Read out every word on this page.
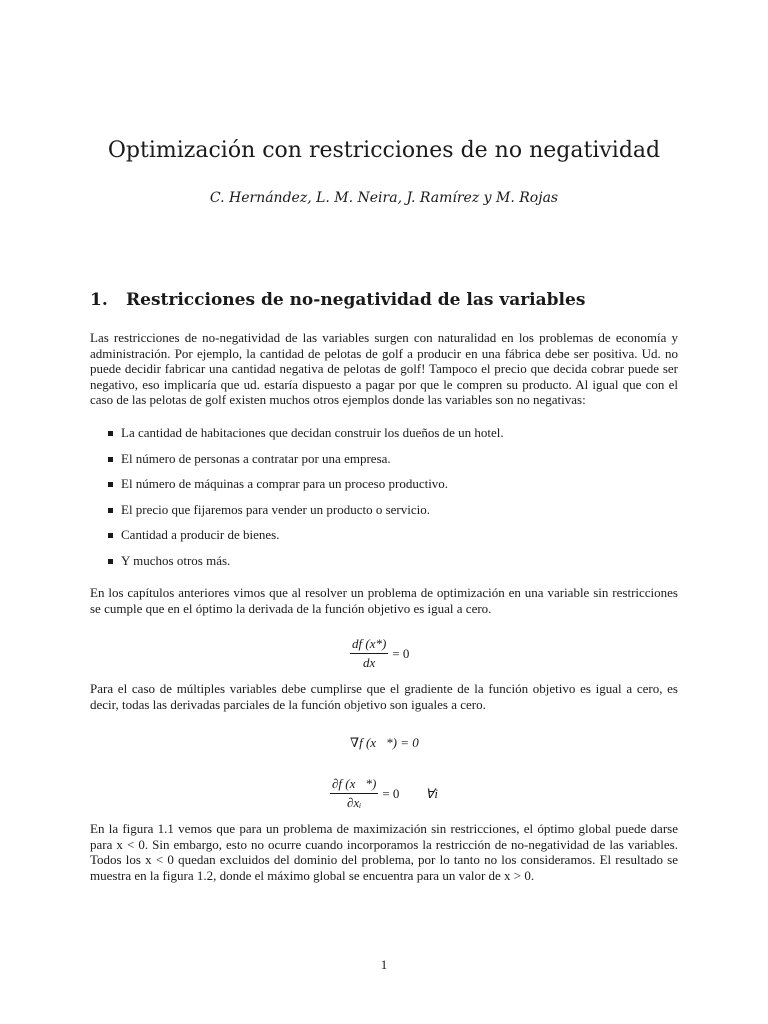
Optimización con restricciones de no negatividad
C. Hernández, L. M. Neira, J. Ramírez y M. Rojas
1. Restricciones de no-negatividad de las variables

Las restricciones de no-negatividad de las variables surgen con naturalidad en los problemas de economía y administración. Por ejemplo, la cantidad de pelotas de golf a producir en una fábrica debe ser positiva. Ud. no puede decidir fabricar una cantidad negativa de pelotas de golf! Tampoco el precio que decida cobrar puede ser negativo, eso implicaría que ud. estaría dispuesto a pagar por que le compren su producto. Al igual que con el caso de las pelotas de golf existen muchos otros ejemplos donde las variables son no negativas:

La cantidad de habitaciones que decidan construir los dueños de un hotel.
El número de personas a contratar por una empresa.
El número de máquinas a comprar para un proceso productivo.
El precio que fijaremos para vender un producto o servicio.
Cantidad a producir de bienes.
Y muchos otros más.

En los capítulos anteriores vimos que al resolver un problema de optimización en una variable sin restricciones se cumple que en el óptimo la derivada de la función objetivo es igual a cero.

$\frac{df (x*)}{dx} = 0$

Para el caso de múltiples variables debe cumplirse que el gradiente de la función objetivo es igual a cero, es decir, todas las derivadas parciales de la función objetivo son iguales a cero.

∇f (x⃗*) = 0
$\frac{\partial f (x⃗*)}{\text{∂xᵢ}} = 0$ ∀i

En la figura 1.1 vemos que para un problema de maximización sin restricciones, el óptimo global puede darse para x < 0. Sin embargo, esto no ocurre cuando incorporamos la restricción de no-negatividad de las variables. Todos los x < 0 quedan excluidos del dominio del problema, por lo tanto no los consideramos. El resultado se muestra en la figura 1.2, donde el máximo global se encuentra para un valor de x > 0.

1
